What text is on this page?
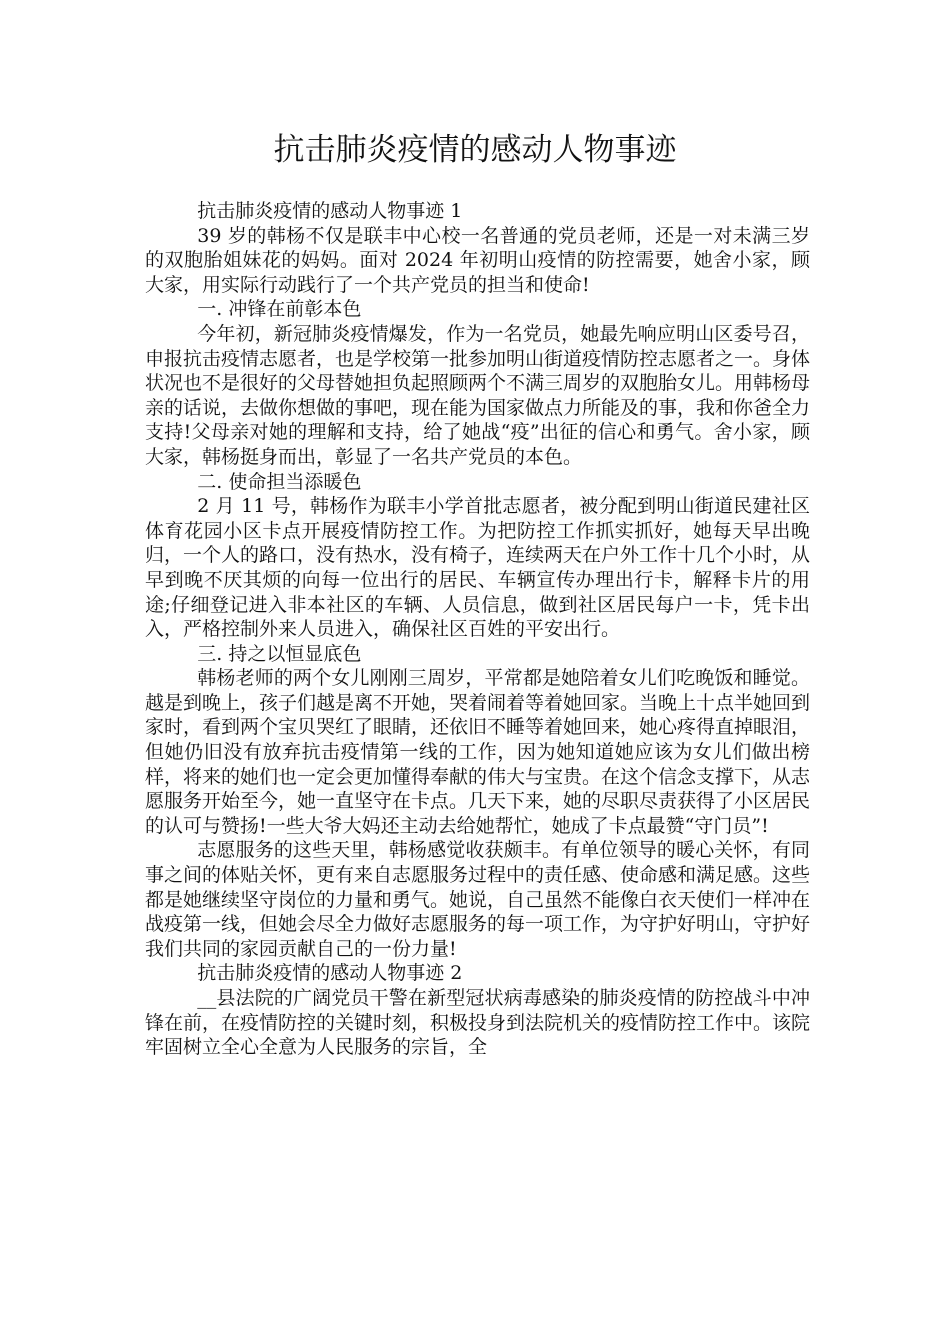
抗击肺炎疫情的感动人物事迹

抗击肺炎疫情的感动人物事迹 1

39 岁的韩杨不仅是联丰中心校一名普通的党员老师，还是一对未满三岁的双胞胎姐妹花的妈妈。面对 2024 年初明山疫情的防控需要，她舍小家，顾大家，用实际行动践行了一个共产党员的担当和使命!

一. 冲锋在前彰本色

今年初，新冠肺炎疫情爆发，作为一名党员，她最先响应明山区委号召，申报抗击疫情志愿者，也是学校第一批参加明山街道疫情防控志愿者之一。身体状况也不是很好的父母替她担负起照顾两个不满三周岁的双胞胎女儿。用韩杨母亲的话说，去做你想做的事吧，现在能为国家做点力所能及的事，我和你爸全力支持!父母亲对她的理解和支持，给了她战“疫”出征的信心和勇气。舍小家，顾大家，韩杨挺身而出，彰显了一名共产党员的本色。

二. 使命担当添暖色

2 月 11 号，韩杨作为联丰小学首批志愿者，被分配到明山街道民建社区体育花园小区卡点开展疫情防控工作。为把防控工作抓实抓好，她每天早出晚归，一个人的路口，没有热水，没有椅子，连续两天在户外工作十几个小时，从早到晚不厌其烦的向每一位出行的居民、车辆宣传办理出行卡，解释卡片的用途;仔细登记进入非本社区的车辆、人员信息，做到社区居民每户一卡，凭卡出入，严格控制外来人员进入，确保社区百姓的平安出行。

三. 持之以恒显底色

韩杨老师的两个女儿刚刚三周岁，平常都是她陪着女儿们吃晚饭和睡觉。越是到晚上，孩子们越是离不开她，哭着闹着等着她回家。当晚上十点半她回到家时，看到两个宝贝哭红了眼睛，还依旧不睡等着她回来，她心疼得直掉眼泪，但她仍旧没有放弃抗击疫情第一线的工作，因为她知道她应该为女儿们做出榜样，将来的她们也一定会更加懂得奉献的伟大与宝贵。在这个信念支撑下，从志愿服务开始至今，她一直坚守在卡点。几天下来，她的尽职尽责获得了小区居民的认可与赞扬!一些大爷大妈还主动去给她帮忙，她成了卡点最赞“守门员”!

志愿服务的这些天里，韩杨感觉收获颇丰。有单位领导的暖心关怀，有同事之间的体贴关怀，更有来自志愿服务过程中的责任感、使命感和满足感。这些都是她继续坚守岗位的力量和勇气。她说，自己虽然不能像白衣天使们一样冲在战疫第一线，但她会尽全力做好志愿服务的每一项工作，为守护好明山，守护好我们共同的家园贡献自己的一份力量!

抗击肺炎疫情的感动人物事迹 2

__县法院的广阔党员干警在新型冠状病毒感染的肺炎疫情的防控战斗中冲锋在前，在疫情防控的关键时刻，积极投身到法院机关的疫情防控工作中。该院牢固树立全心全意为人民服务的宗旨，全
